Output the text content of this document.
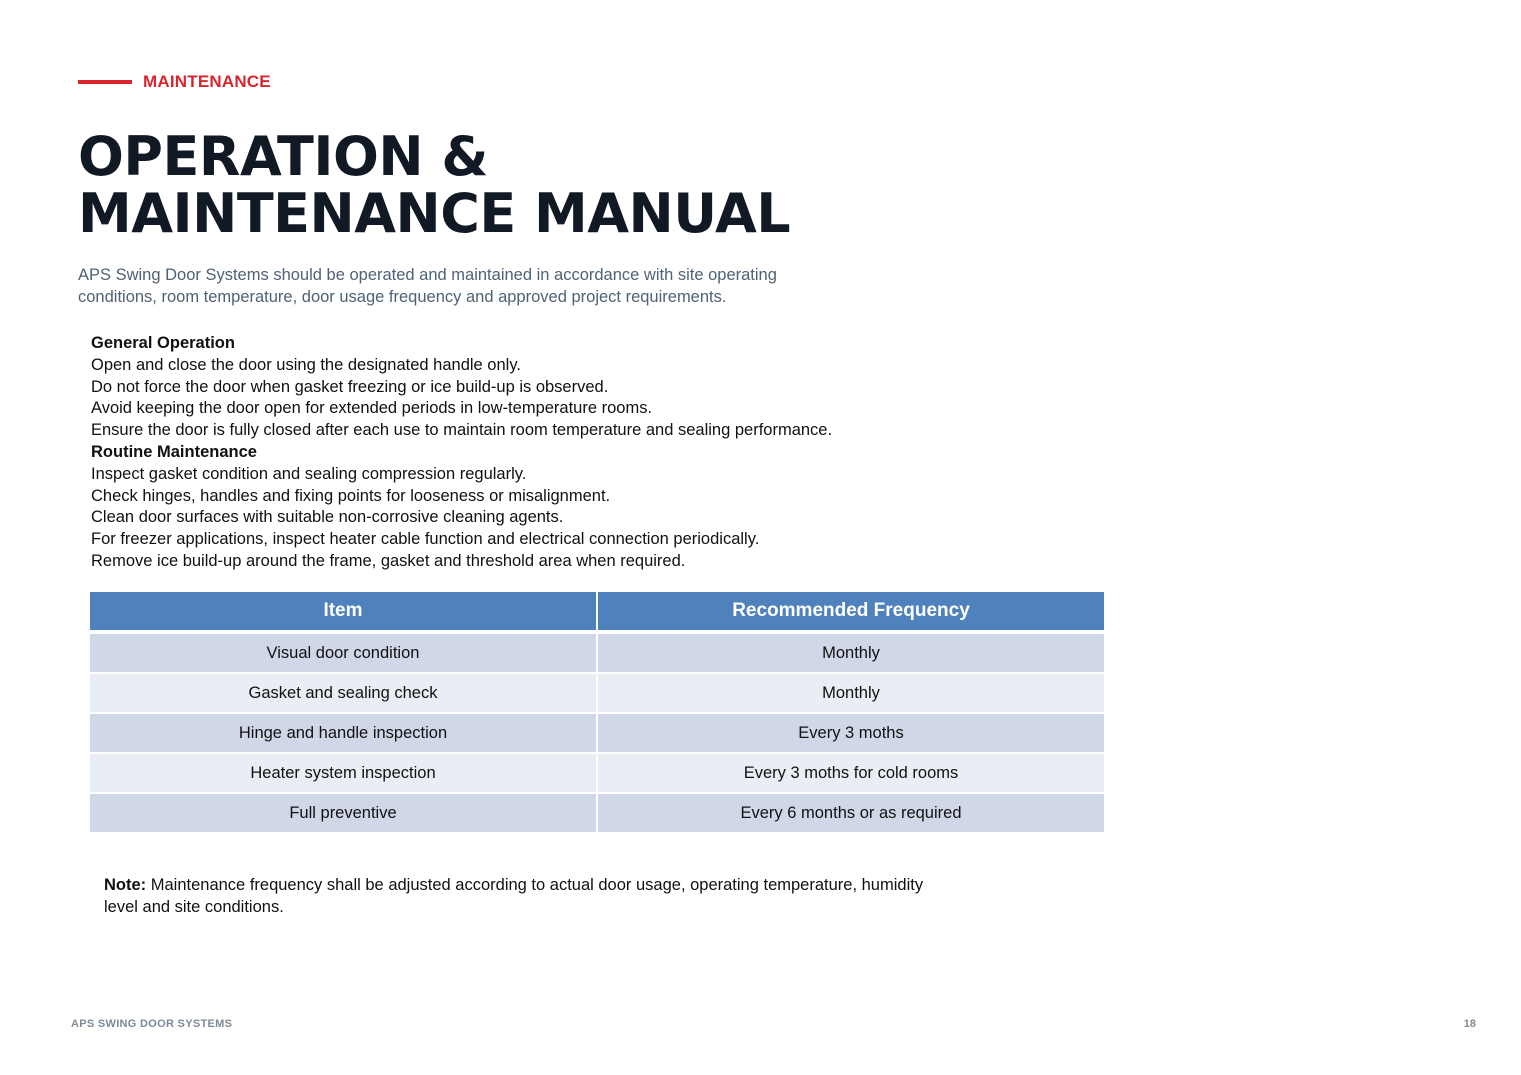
MAINTENANCE
OPERATION &
MAINTENANCE MANUAL
APS Swing Door Systems should be operated and maintained in accordance with site operating conditions, room temperature, door usage frequency and approved project requirements.
General Operation
Open and close the door using the designated handle only.
Do not force the door when gasket freezing or ice build-up is observed.
Avoid keeping the door open for extended periods in low-temperature rooms.
Ensure the door is fully closed after each use to maintain room temperature and sealing performance.
Routine Maintenance
Inspect gasket condition and sealing compression regularly.
Check hinges, handles and fixing points for looseness or misalignment.
Clean door surfaces with suitable non-corrosive cleaning agents.
For freezer applications, inspect heater cable function and electrical connection periodically.
Remove ice build-up around the frame, gasket and threshold area when required.
Item	Recommended Frequency
Visual door condition	Monthly
Gasket and sealing check	Monthly
Hinge and handle inspection	Every 3 moths
Heater system inspection	Every 3 moths for cold rooms
Full preventive	Every 6 months or as required
Note: Maintenance frequency shall be adjusted according to actual door usage, operating temperature, humidity level and site conditions.
APS SWING DOOR SYSTEMS	18
